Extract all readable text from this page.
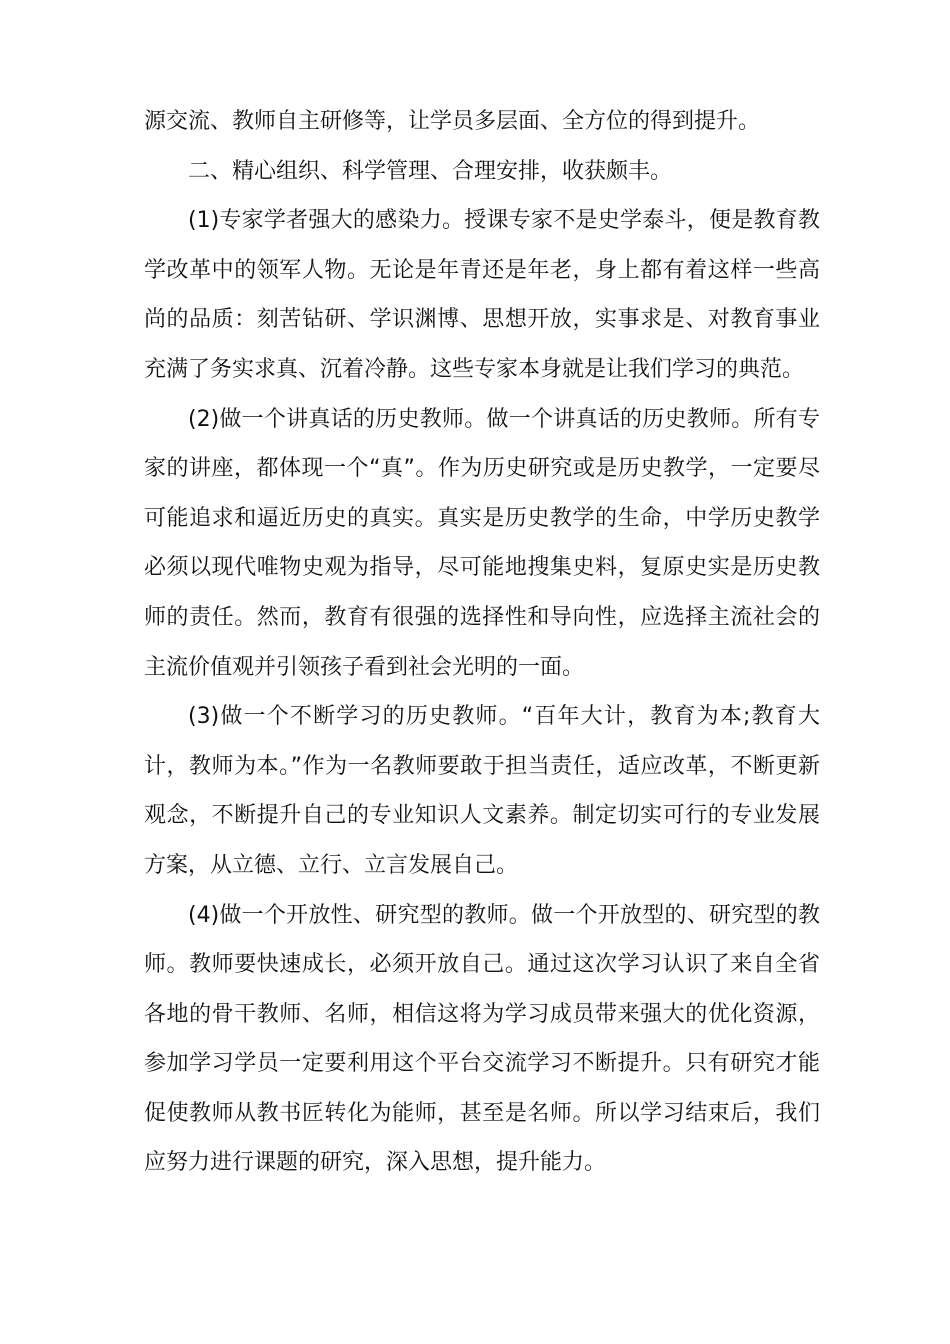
源交流、教师自主研修等，让学员多层面、全方位的得到提升。

二、精心组织、科学管理、合理安排，收获颇丰。

(1)专家学者强大的感染力。授课专家不是史学泰斗，便是教育教学改革中的领军人物。无论是年青还是年老，身上都有着这样一些高尚的品质：刻苦钻研、学识渊博、思想开放，实事求是、对教育事业充满了务实求真、沉着冷静。这些专家本身就是让我们学习的典范。

(2)做一个讲真话的历史教师。做一个讲真话的历史教师。所有专家的讲座，都体现一个“真”。作为历史研究或是历史教学，一定要尽可能追求和逼近历史的真实。真实是历史教学的生命，中学历史教学必须以现代唯物史观为指导，尽可能地搜集史料，复原史实是历史教师的责任。然而，教育有很强的选择性和导向性，应选择主流社会的主流价值观并引领孩子看到社会光明的一面。

(3)做一个不断学习的历史教师。“百年大计，教育为本;教育大计，教师为本。”作为一名教师要敢于担当责任，适应改革，不断更新观念，不断提升自己的专业知识人文素养。制定切实可行的专业发展方案，从立德、立行、立言发展自己。

(4)做一个开放性、研究型的教师。做一个开放型的、研究型的教师。教师要快速成长，必须开放自己。通过这次学习认识了来自全省各地的骨干教师、名师，相信这将为学习成员带来强大的优化资源，参加学习学员一定要利用这个平台交流学习不断提升。只有研究才能促使教师从教书匠转化为能师，甚至是名师。所以学习结束后，我们应努力进行课题的研究，深入思想，提升能力。
